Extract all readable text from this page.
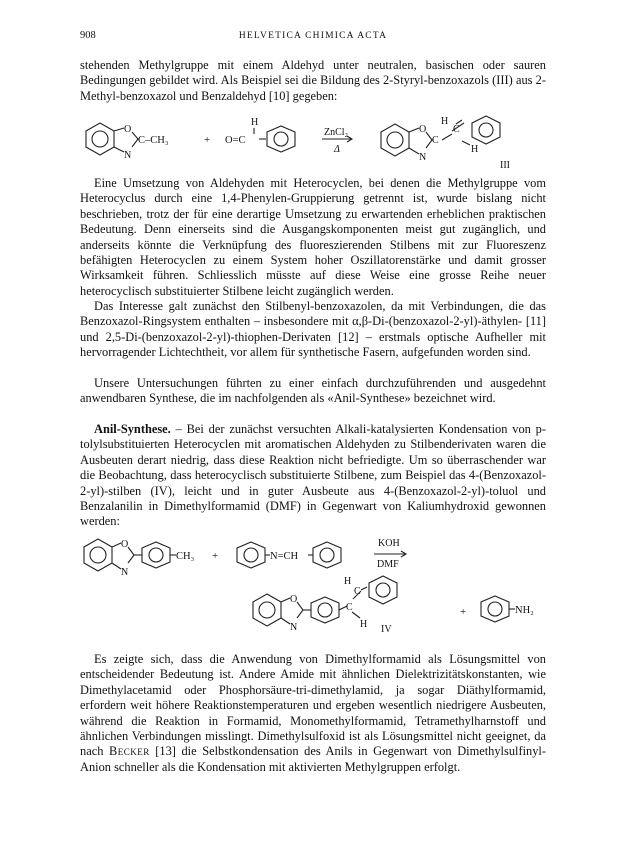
908	HELVETICA CHIMICA ACTA

stehenden Methylgruppe mit einem Aldehyd unter neutralen, basischen oder sauren Bedingungen gebildet wird. Als Beispiel sei die Bildung des 2-Styryl-benzoxazols (III) aus 2-Methyl-benzoxazol und Benzaldehyd [10] gegeben:

O
N
C–CH₃	+
H
O=C
ZnCl₂
Δ
O
N
H
C
C
H
III

Eine Umsetzung von Aldehyden mit Heterocyclen, bei denen die Methylgruppe vom Heterocyclus durch eine 1,4-Phenylen-Gruppierung getrennt ist, wurde bislang nicht beschrieben, trotz der für eine derartige Umsetzung zu erwartenden erheblichen praktischen Bedeutung. Denn einerseits sind die Ausgangskomponenten meist gut zugänglich, und anderseits könnte die Verknüpfung des fluoreszierenden Stilbens mit zur Fluoreszenz befähigten Heterocyclen zu einem System hoher Oszillatorenstärke und damit grosser Wirksamkeit führen. Schliesslich müsste auf diese Weise eine grosse Reihe neuer heterocyclisch substituierter Stilbene leicht zugänglich werden.

Das Interesse galt zunächst den Stilbenyl-benzoxazolen, da mit Verbindungen, die das Benzoxazol-Ringsystem enthalten – insbesondere mit α,β-Di-(benzoxazol-2-yl)-äthylen- [11] und 2,5-Di-(benzoxazol-2-yl)-thiophen-Derivaten [12] – erstmals optische Aufheller mit hervorragender Lichtechtheit, vor allem für synthetische Fasern, aufgefunden worden sind.

Unsere Untersuchungen führten zu einer einfach durchzuführenden und ausgedehnt anwendbaren Synthese, die im nachfolgenden als «Anil-Synthese» bezeichnet wird.

Anil-Synthese. – Bei der zunächst versuchten Alkali-katalysierten Kondensation von p-tolylsubstituierten Heterocyclen mit aromatischen Aldehyden zu Stilbenderivaten waren die Ausbeuten derart niedrig, dass diese Reaktion nicht befriedigte. Um so überraschender war die Beobachtung, dass heterocyclisch substituierte Stilbene, zum Beispiel das 4-(Benzoxazol-2-yl)-stilben (IV), leicht und in guter Ausbeute aus 4-(Benzoxazol-2-yl)-toluol und Benzalanilin in Dimethylformamid (DMF) in Gegenwart von Kaliumhydroxid gewonnen werden:

O
N
CH₃ +	N=CH
KOH
DMF
O
N
H
C
C
H IV
+	NH₂

Es zeigte sich, dass die Anwendung von Dimethylformamid als Lösungsmittel von entscheidender Bedeutung ist. Andere Amide mit ähnlichen Dielektrizitätskonstanten, wie Dimethylacetamid oder Phosphorsäure-tri-dimethylamid, ja sogar Diäthylformamid, erfordern weit höhere Reaktionstemperaturen und ergeben wesentlich niedrigere Ausbeuten, während die Reaktion in Formamid, Monomethylformamid, Tetramethylharnstoff und ähnlichen Verbindungen misslingt. Dimethylsulfoxid ist als Lösungsmittel nicht geeignet, da nach Becker [13] die Selbstkondensation des Anils in Gegenwart von Dimethylsulfinyl-Anion schneller als die Kondensation mit aktivierten Methylgruppen erfolgt.
